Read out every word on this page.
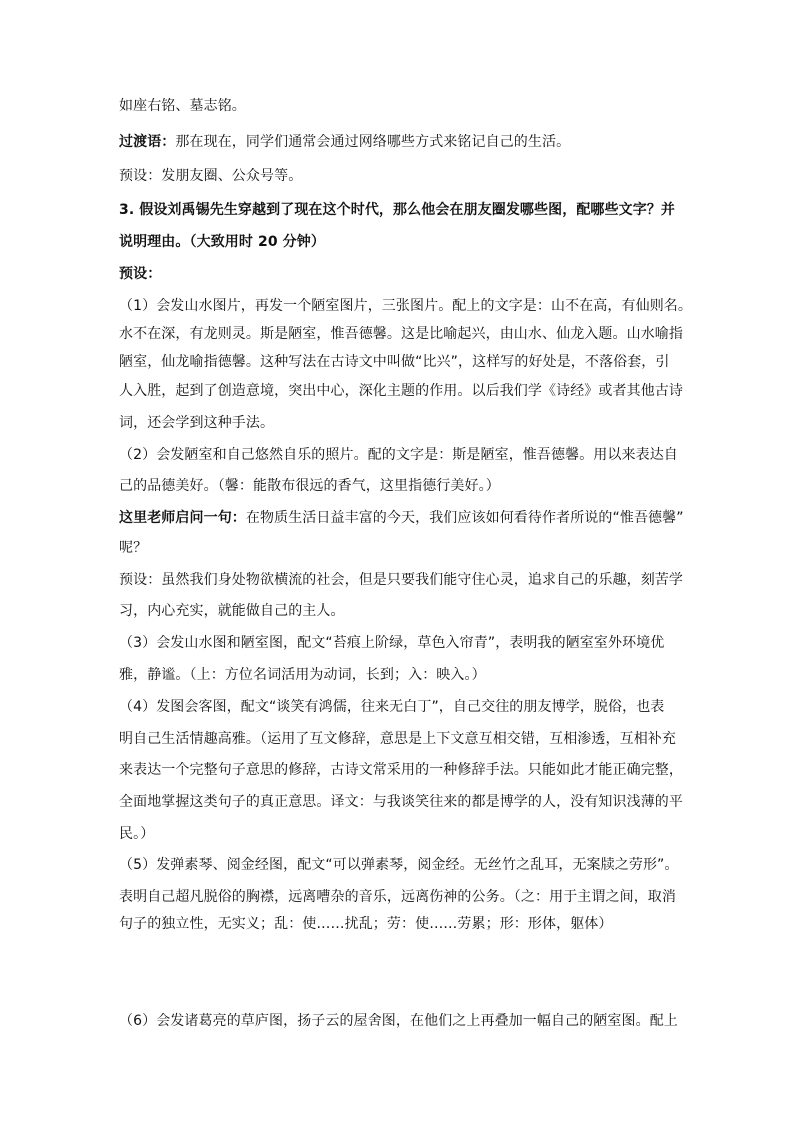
如座右铭、墓志铭。
过渡语：那在现在，同学们通常会通过网络哪些方式来铭记自己的生活。
预设：发朋友圈、公众号等。
3. 假设刘禹锡先生穿越到了现在这个时代，那么他会在朋友圈发哪些图，配哪些文字？并
说明理由。（大致用时 20 分钟）
预设：
（1）会发山水图片，再发一个陋室图片，三张图片。配上的文字是：山不在高，有仙则名。
水不在深，有龙则灵。斯是陋室，惟吾德馨。这是比喻起兴，由山水、仙龙入题。山水喻指
陋室，仙龙喻指德馨。这种写法在古诗文中叫做“比兴”，这样写的好处是，不落俗套，引
人入胜，起到了创造意境，突出中心，深化主题的作用。以后我们学《诗经》或者其他古诗
词，还会学到这种手法。
（2）会发陋室和自己悠然自乐的照片。配的文字是：斯是陋室，惟吾德馨。用以来表达自
己的品德美好。（馨：能散布很远的香气，这里指德行美好。）
这里老师启问一句：在物质生活日益丰富的今天，我们应该如何看待作者所说的“惟吾德馨”
呢？
预设：虽然我们身处物欲横流的社会，但是只要我们能守住心灵，追求自己的乐趣，刻苦学
习，内心充实，就能做自己的主人。
（3）会发山水图和陋室图，配文“苔痕上阶绿，草色入帘青”，表明我的陋室室外环境优
雅，静谧。（上：方位名词活用为动词，长到；入：映入。）
（4）发图会客图，配文“谈笑有鸿儒，往来无白丁”，自己交往的朋友博学，脱俗，也表
明自己生活情趣高雅。（运用了互文修辞，意思是上下文意互相交错，互相渗透，互相补充
来表达一个完整句子意思的修辞，古诗文常采用的一种修辞手法。只能如此才能正确完整，
全面地掌握这类句子的真正意思。译文：与我谈笑往来的都是博学的人，没有知识浅薄的平
民。）
（5）发弹素琴、阅金经图，配文“可以弹素琴，阅金经。无丝竹之乱耳，无案牍之劳形”。
表明自己超凡脱俗的胸襟，远离嘈杂的音乐，远离伤神的公务。（之：用于主谓之间，取消
句子的独立性，无实义；乱：使……扰乱；劳：使……劳累；形：形体，躯体）
（6）会发诸葛亮的草庐图，扬子云的屋舍图，在他们之上再叠加一幅自己的陋室图。配上
